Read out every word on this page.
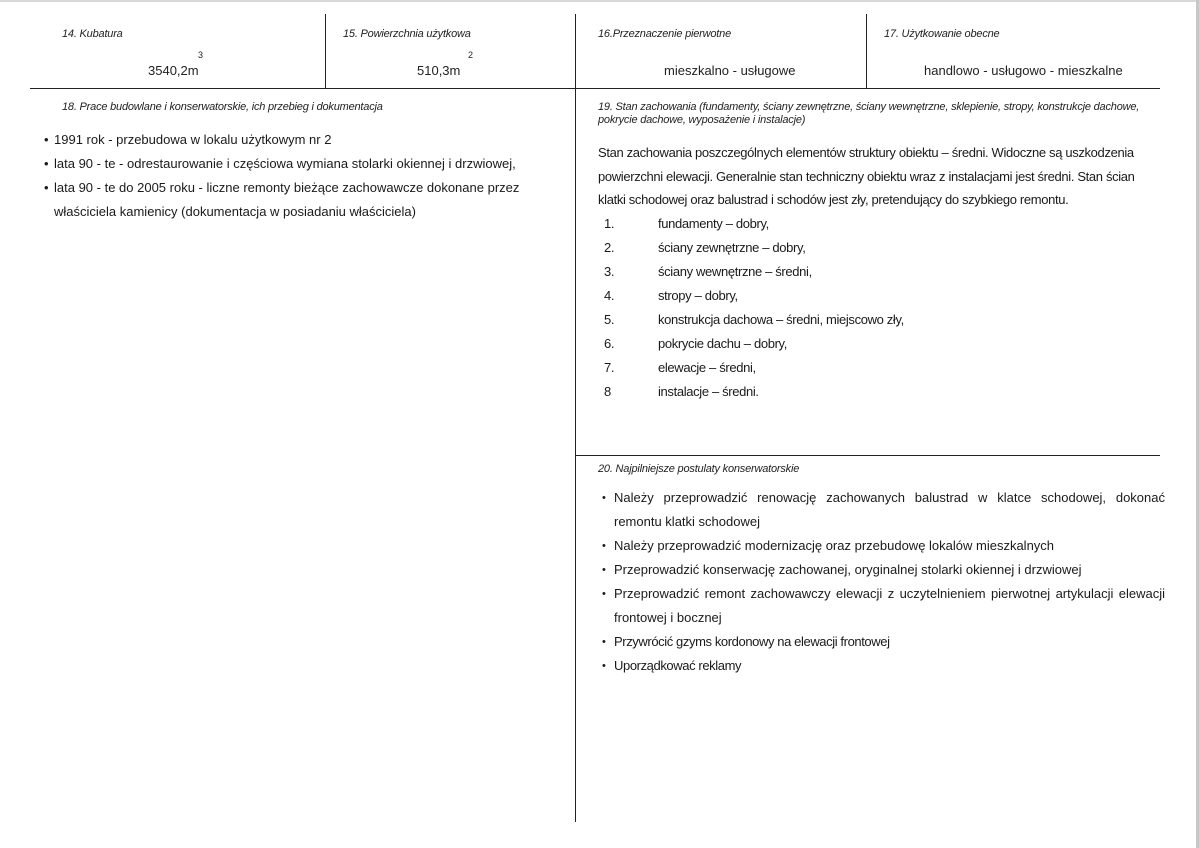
14. Kubatura
3
3540,2m
15. Powierzchnia użytkowa
2
510,3m
16.Przeznaczenie pierwotne
mieszkalno - usługowe
17. Użytkowanie obecne
handlowo - usługowo - mieszkalne
18. Prace budowlane i konserwatorskie, ich przebieg i dokumentacja
• 1991 rok - przebudowa w lokalu użytkowym nr 2
• lata 90 - te - odrestaurowanie i częściowa wymiana stolarki okiennej i drzwiowej,
• lata 90 - te do 2005 roku - liczne remonty bieżące zachowawcze dokonane przez właściciela kamienicy (dokumentacja w posiadaniu właściciela)
19. Stan zachowania (fundamenty, ściany zewnętrzne, ściany wewnętrzne, sklepienie, stropy, konstrukcje dachowe,
pokrycie dachowe, wyposażenie i instalacje)

Stan zachowania poszczególnych elementów struktury obiektu – średni. Widoczne są uszkodzenia powierzchni elewacji. Generalnie stan techniczny obiektu wraz z instalacjami jest średni. Stan ścian klatki schodowej oraz balustrad i schodów jest zły, pretendujący do szybkiego remontu.

1.	fundamenty – dobry,
2.	ściany zewnętrzne – dobry,
3.	ściany wewnętrzne – średni,
4.	stropy – dobry,
5.	konstrukcja dachowa – średni, miejscowo zły,
6.	pokrycie dachu – dobry,
7.	elewacje – średni,
8	instalacje – średni.
20. Najpilniejsze postulaty konserwatorskie
• Należy przeprowadzić renowację zachowanych balustrad w klatce schodowej, dokonać remontu klatki schodowej
• Należy przeprowadzić modernizację oraz przebudowę lokalów mieszkalnych
• Przeprowadzić konserwację zachowanej, oryginalnej stolarki okiennej i drzwiowej
• Przeprowadzić remont zachowawczy elewacji z uczytelnieniem pierwotnej artykulacji elewacji frontowej i bocznej
• Przywrócić gzyms kordonowy na elewacji frontowej
• Uporządkować reklamy
